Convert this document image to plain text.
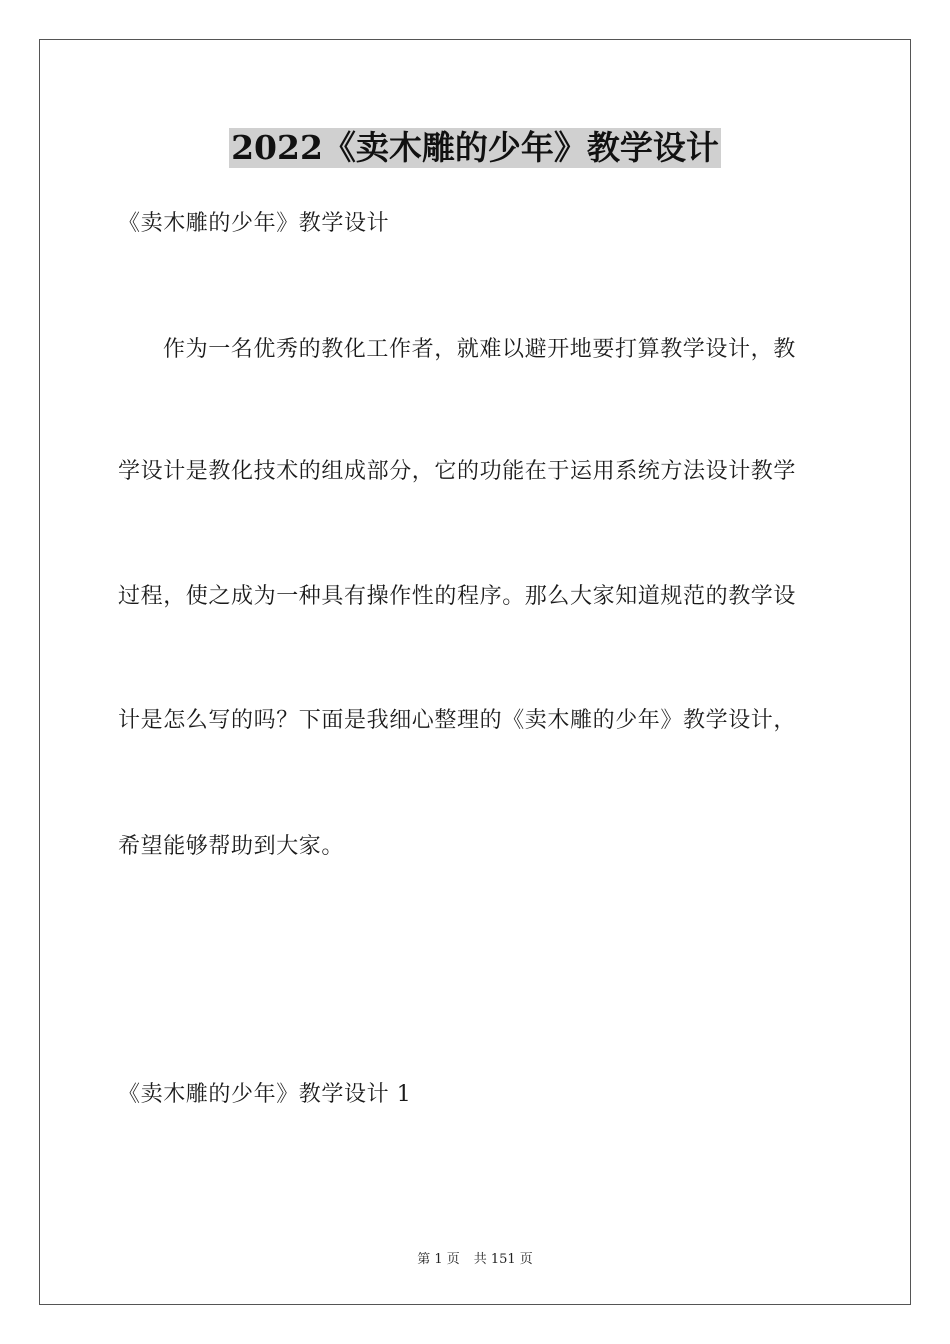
2022《卖木雕的少年》教学设计

《卖木雕的少年》教学设计

作为一名优秀的教化工作者，就难以避开地要打算教学设计，教

学设计是教化技术的组成部分，它的功能在于运用系统方法设计教学

过程，使之成为一种具有操作性的程序。那么大家知道规范的教学设

计是怎么写的吗？下面是我细心整理的《卖木雕的少年》教学设计，

希望能够帮助到大家。

《卖木雕的少年》教学设计 1

第 1 页 共 151 页
